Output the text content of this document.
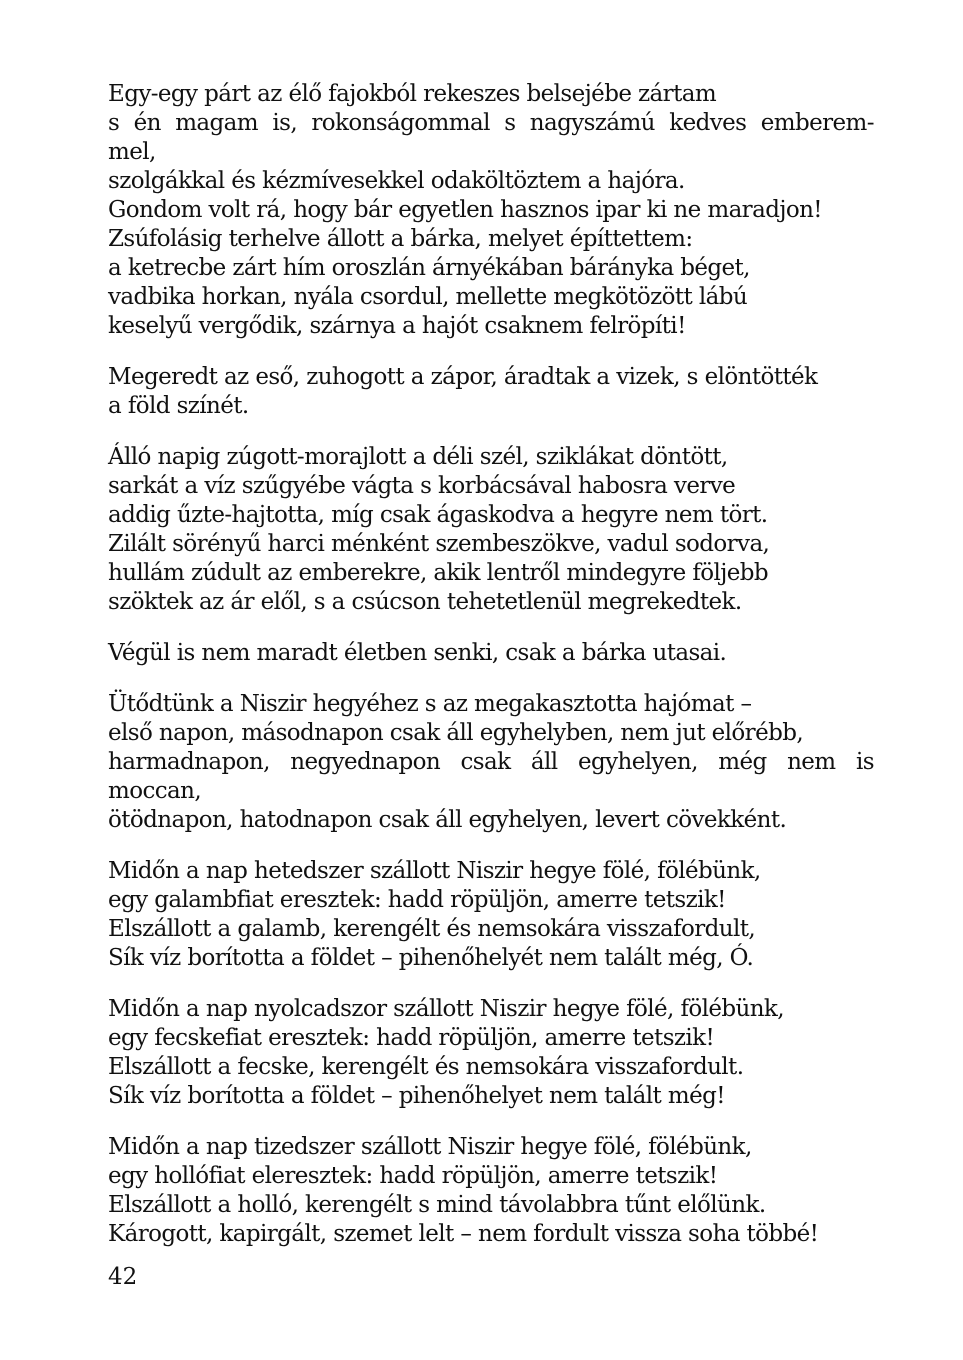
Egy-egy párt az élő fajokból rekeszes belsejébe zártam
s én magam is, rokonságommal s nagyszámú kedves emberem-
mel,
szolgákkal és kézmívesekkel odaköltöztem a hajóra.
Gondom volt rá, hogy bár egyetlen hasznos ipar ki ne maradjon!
Zsúfolásig terhelve állott a bárka, melyet építtettem:
a ketrecbe zárt hím oroszlán árnyékában bárányka béget,
vadbika horkan, nyála csordul, mellette megkötözött lábú
keselyű vergődik, szárnya a hajót csaknem felröpíti!
Megeredt az eső, zuhogott a zápor, áradtak a vizek, s elöntötték
a föld színét.
Álló napig zúgott-morajlott a déli szél, sziklákat döntött,
sarkát a víz szűgyébe vágta s korbácsával habosra verve
addig űzte-hajtotta, míg csak ágaskodva a hegyre nem tört.
Zilált sörényű harci ménként szembeszökve, vadul sodorva,
hullám zúdult az emberekre, akik lentről mindegyre följebb
szöktek az ár elől, s a csúcson tehetetlenül megrekedtek.
Végül is nem maradt életben senki, csak a bárka utasai.
Ütődtünk a Niszir hegyéhez s az megakasztotta hajómat –
első napon, másodnapon csak áll egyhelyben, nem jut előrébb,
harmadnapon, negyednapon csak áll egyhelyen, még nem is
moccan,
ötödnapon, hatodnapon csak áll egyhelyen, levert cövekként.
Midőn a nap hetedszer szállott Niszir hegye fölé, fölébünk,
egy galambfiat eresztek: hadd röpüljön, amerre tetszik!
Elszállott a galamb, kerengélt és nemsokára visszafordult,
Sík víz borította a földet – pihenőhelyét nem talált még, Ó.
Midőn a nap nyolcadszor szállott Niszir hegye fölé, fölébünk,
egy fecskefiat eresztek: hadd röpüljön, amerre tetszik!
Elszállott a fecske, kerengélt és nemsokára visszafordult.
Sík víz borította a földet – pihenőhelyet nem talált még!
Midőn a nap tizedszer szállott Niszir hegye fölé, fölébünk,
egy hollófiat eleresztek: hadd röpüljön, amerre tetszik!
Elszállott a holló, kerengélt s mind távolabbra tűnt előlünk.
Károgott, kapirgált, szemet lelt – nem fordult vissza soha többé!
42
